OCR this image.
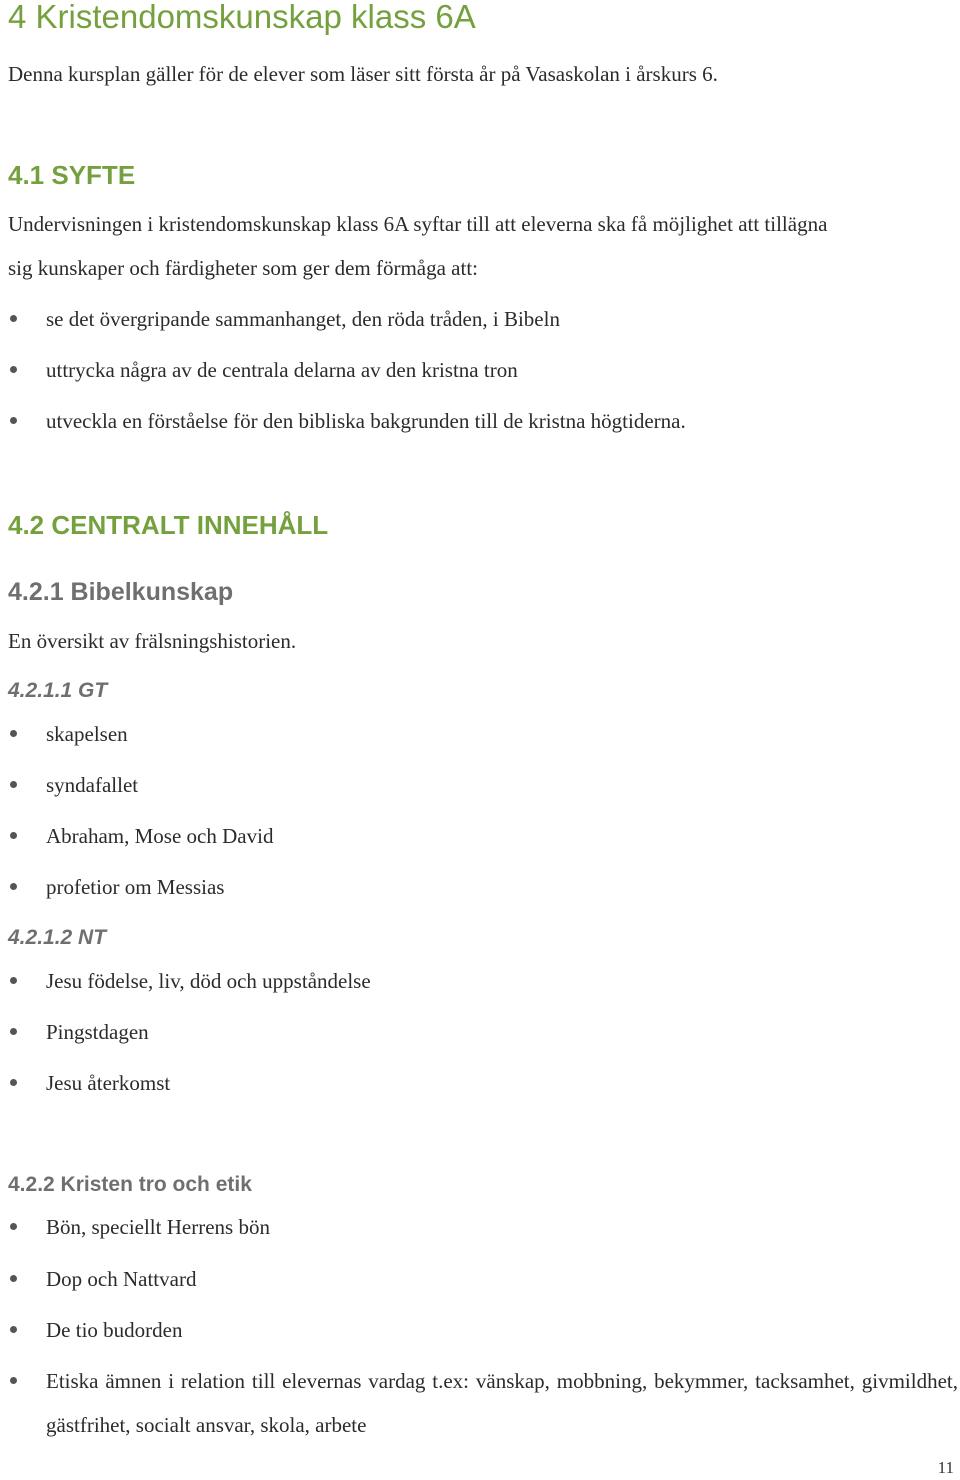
4 Kristendomskunskap klass 6A

Denna kursplan gäller för de elever som läser sitt första år på Vasaskolan i årskurs 6.

4.1 SYFTE

Undervisningen i kristendomskunskap klass 6A syftar till att eleverna ska få möjlighet att tillägna

sig kunskaper och färdigheter som ger dem förmåga att:

se det övergripande sammanhanget, den röda tråden, i Bibeln
uttrycka några av de centrala delarna av den kristna tron
utveckla en förståelse för den bibliska bakgrunden till de kristna högtiderna.
4.2 CENTRALT INNEHÅLL
4.2.1 Bibelkunskap

En översikt av frälsningshistorien.

4.2.1.1 GT
skapelsen
syndafallet
Abraham, Mose och David
profetior om Messias
4.2.1.2 NT
Jesu födelse, liv, död och uppståndelse
Pingstdagen
Jesu återkomst
4.2.2 Kristen tro och etik
Bön, speciellt Herrens bön
Dop och Nattvard
De tio budorden
Etiska ämnen i relation till elevernas vardag t.ex: vänskap, mobbning, bekymmer, tacksamhet, givmildhet, gästfrihet, socialt ansvar, skola, arbete
11
